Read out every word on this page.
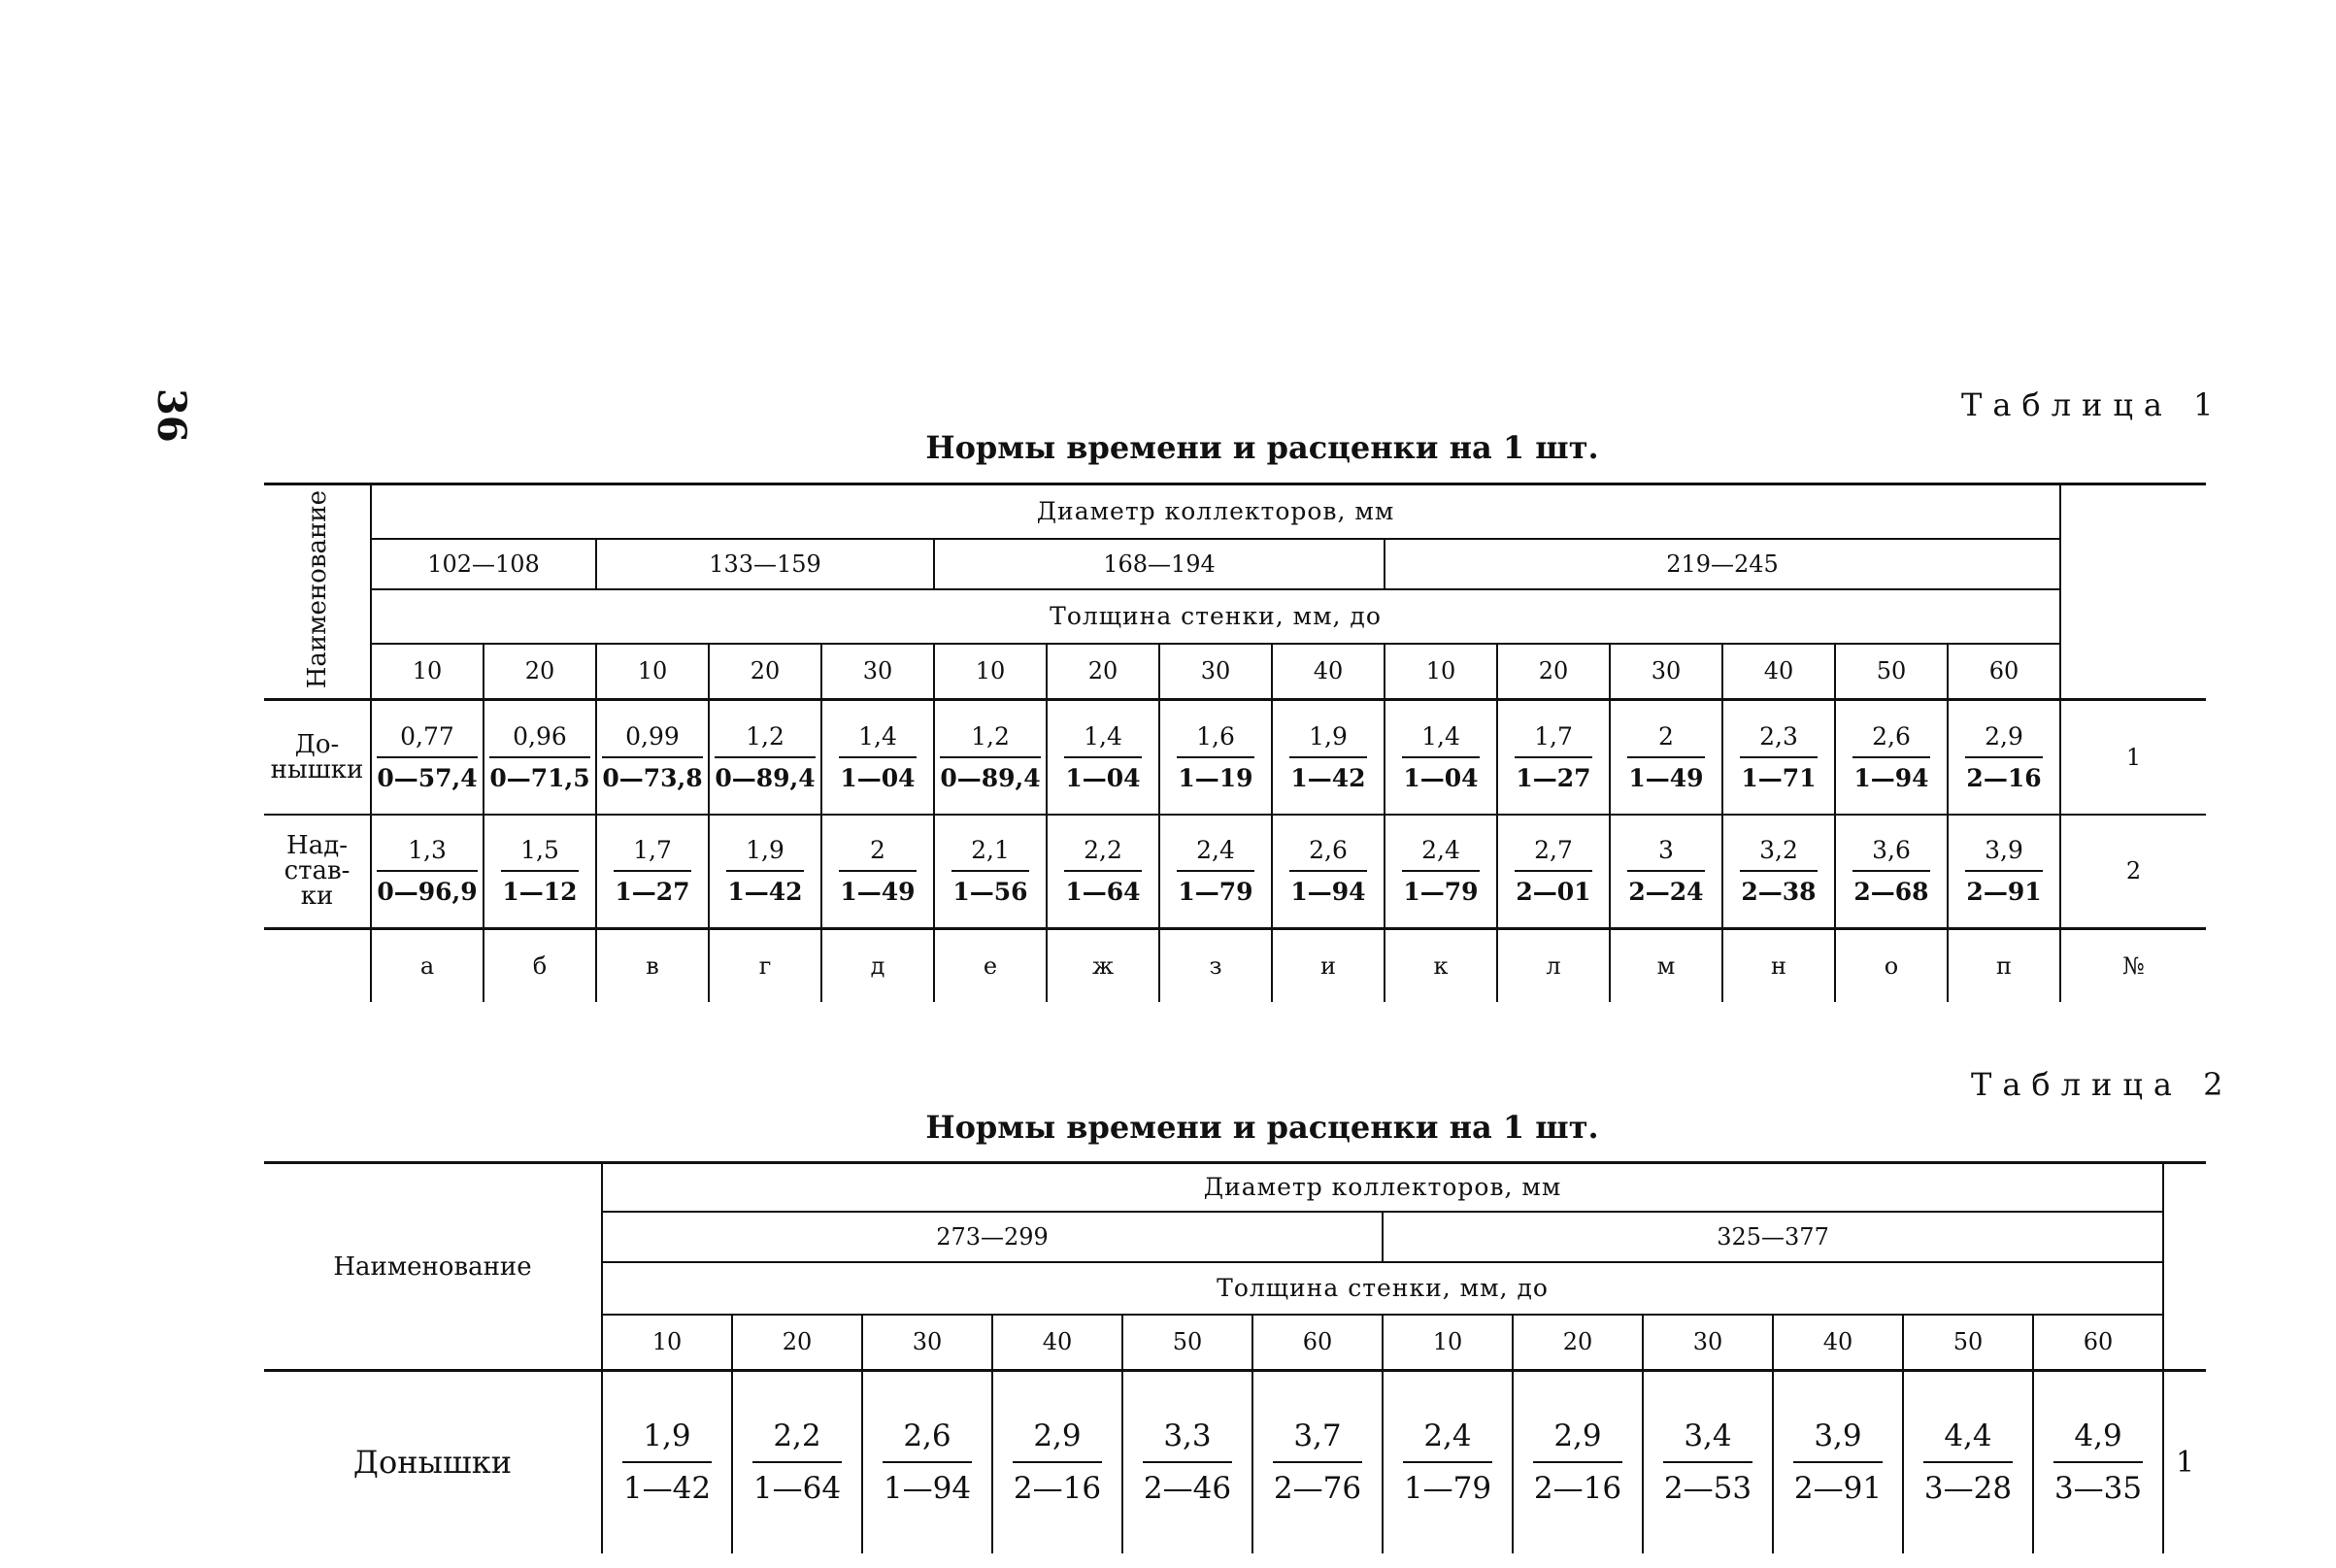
36	Таблица 1
Нормы времени и расценки на 1 шт.
Наименование	Диаметр коллекторов, мм															
	102—108		133—159			168—194				219—245						
	Толщина стенки, мм, до															
	10	20	10	20	30	10	20	30	40	10	20	30	40	50	60	
До-
нышки	$\frac{0,77}{0—57,4}$	$\frac{0,96}{0—71,5}$	$\frac{0,99}{0—73,8}$	$\frac{1,2}{0—89,4}$	$\frac{1,4}{1—04}$	$\frac{1,2}{0—89,4}$	$\frac{1,4}{1—04}$	$\frac{1,6}{1—19}$	$\frac{1,9}{1—42}$	$\frac{1,4}{1—04}$	$\frac{1,7}{1—27}$	$\frac{2}{1—49}$	$\frac{2,3}{1—71}$	$\frac{2,6}{1—94}$	$\frac{2,9}{2—16}$	1
Над-
став-
ки	$\frac{1,3}{0—96,9}$	$\frac{1,5}{1—12}$	$\frac{1,7}{1—27}$	$\frac{1,9}{1—42}$	$\frac{2}{1—49}$	$\frac{2,1}{1—56}$	$\frac{2,2}{1—64}$	$\frac{2,4}{1—79}$	$\frac{2,6}{1—94}$	$\frac{2,4}{1—79}$	$\frac{2,7}{2—01}$	$\frac{3}{2—24}$	$\frac{3,2}{2—38}$	$\frac{3,6}{2—68}$	$\frac{3,9}{2—91}$	2
	а	б	в	г	д	е	ж	з	и	к	л	м	н	о	п	№
Таблица 2
Нормы времени и расценки на 1 шт.
Наименование	Диаметр коллекторов, мм												
	273—299						325—377						
	Толщина стенки, мм, до												
	10	20	30	40	50	60	10	20	30	40	50	60	
Донышки	$\frac{1,9}{1—42}$	$\frac{2,2}{1—64}$	$\frac{2,6}{1—94}$	$\frac{2,9}{2—16}$	$\frac{3,3}{2—46}$	$\frac{3,7}{2—76}$	$\frac{2,4}{1—79}$	$\frac{2,9}{2—16}$	$\frac{3,4}{2—53}$	$\frac{3,9}{2—91}$	$\frac{4,4}{3—28}$	$\frac{4,9}{3—35}$	1
